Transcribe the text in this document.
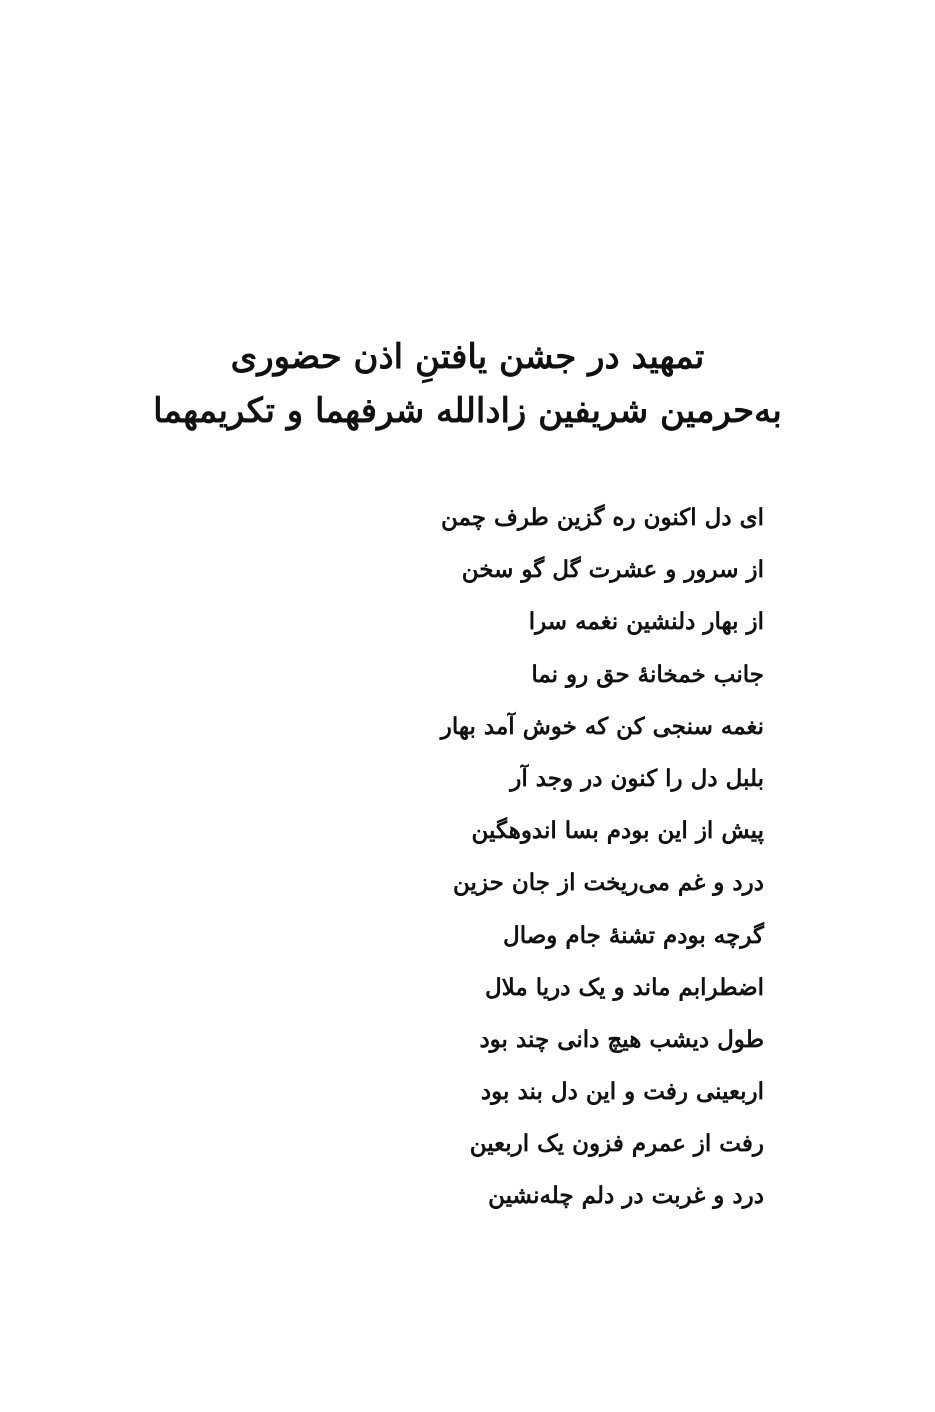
تمهید در جشن یافتنِ اذن حضوری
به‌حرمین شریفین زادالله شرفهما و تکریمهما
ای دل اکنون ره گزین طرف چمن
از سرور و عشرت گل گو سخن
از بهار دلنشین نغمه سرا
جانب خمخانهٔ حق رو نما
نغمه سنجی کن که خوش آمد بهار
بلبل دل را کنون در وجد آر
پیش از این بودم بسا اندوهگین
درد و غم می‌ریخت از جان حزین
گرچه بودم تشنهٔ جام وصال
اضطرابم ماند و یک دریا ملال
طول دیشب هیچ دانی چند بود
اربعینی رفت و این دل بند بود
رفت از عمرم فزون یک اربعین
درد و غربت در دلم چله‌نشین
